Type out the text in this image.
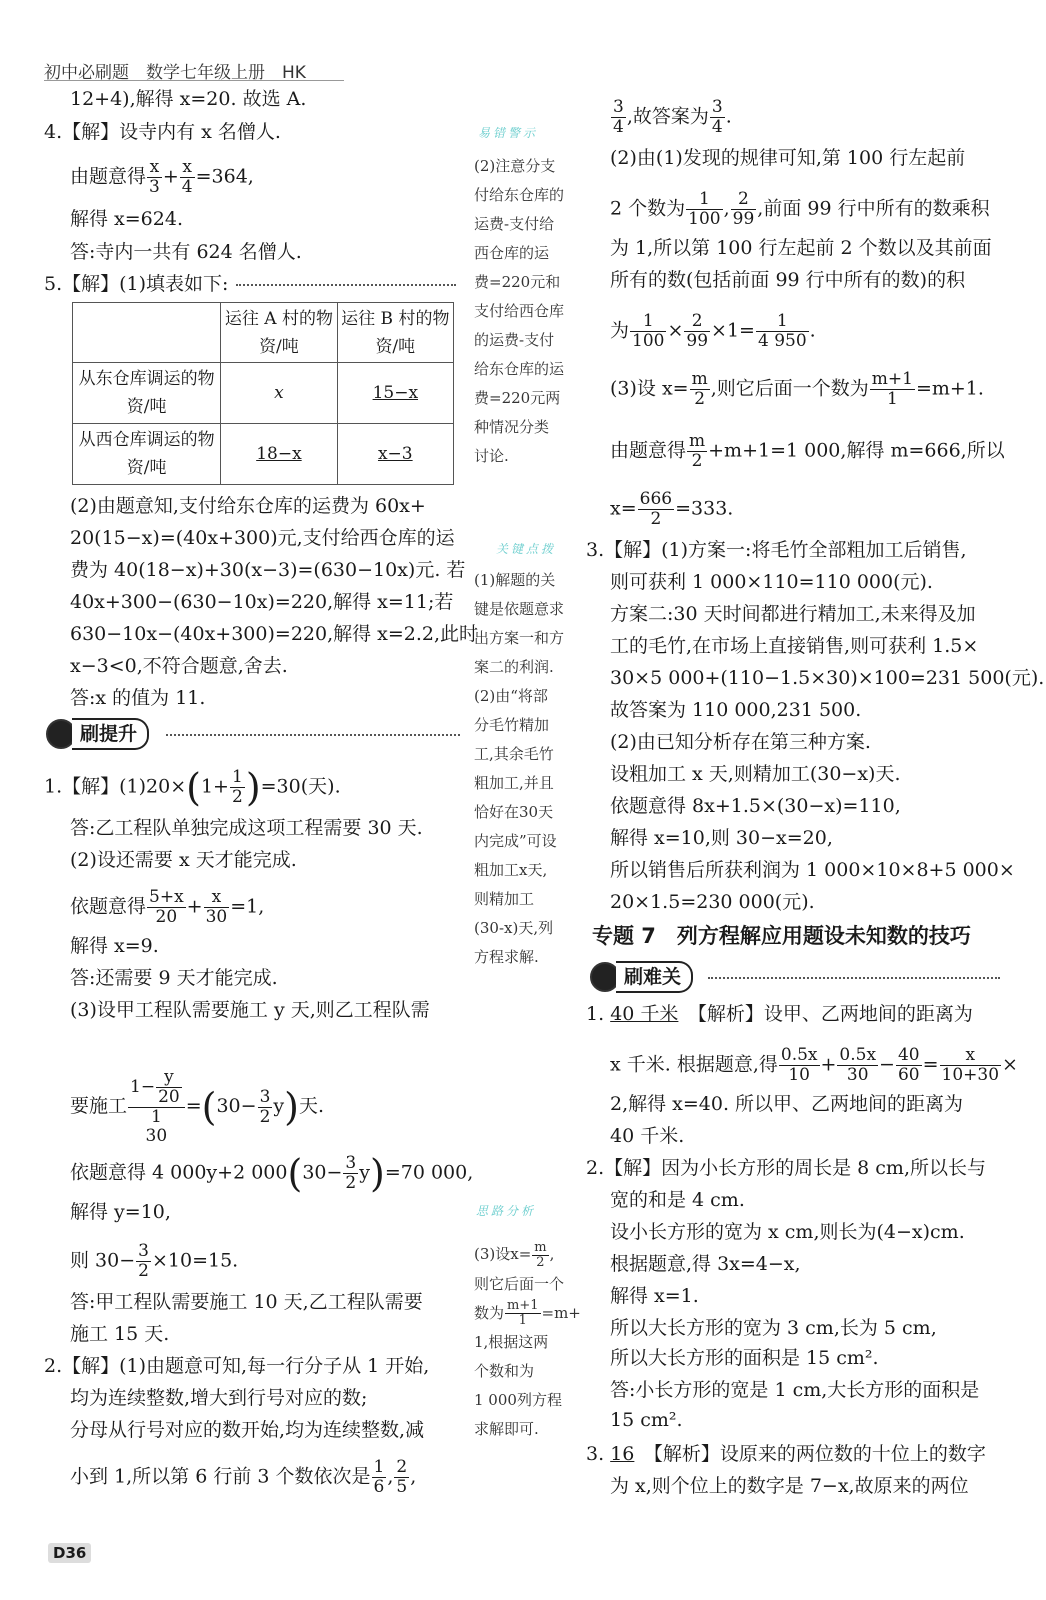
初中必刷题　 数学七年级上册　 HK
12+4),解得 x=20. 故选 A.
4.【解】设寺内有 x 名僧人.
由题意得 $\frac{x}{3} + \frac{x}{4} =364$,
解得 x=624.
答:寺内一共有 624 名僧人.
5.【解】(1)填表如下:
	运往 A 村的物资/吨	运往 B 村的物资/吨
从东仓库调运的物资/吨	x	15−x
从西仓库调运的物资/吨	18−x	x−3
(2)由题意知,支付给东仓库的运费为 60x+
20(15−x)=(40x+300)元,支付给西仓库的运
费为 40(18−x)+30(x−3)=(630−10x)元. 若
40x+300−(630−10x)=220,解得 x=11;若
630−10x−(40x+300)=220,解得 x=2.2,此时
x−3<0,不符合题意,舍去.
答:x 的值为 11.
刷提升
1.【解】$(1)20\times(1+ \frac{1}{2} )=30$(天).
答:乙工程队单独完成这项工程需要 30 天.
(2)设还需要 x 天才能完成.
依题意得 $\frac{5+x}{20} + \frac{x}{30} =1$,
解得 x=9.
答:还需要 9 天才能完成.
(3)设甲工程队需要施工 y 天,则乙工程队需
要施工
$1- \frac{y}{20}$
1
30
$=(30- \frac{3}{2} y)$天.
依题意得 4 000y+2 $000(30- \frac{3}{2} y)=70$ 000,
解得 y=10,
则 $30- \frac{3}{2} \times 10=15$.
答:甲工程队需要施工 10 天,乙工程队需要
施工 15 天.
2.【解】(1)由题意可知,每一行分子从 1 开始,
均为连续整数,增大到行号对应的数;
分母从行号对应的数开始,均为连续整数,减
小到 1,所以第 6 行前 3 个数依次是 $\frac{1}{6}$ , $\frac{2}{5}$ ,
D36
易错警示
(2)注意分支
付给东仓库的
运费-支付给
西仓库的运
费=220元和
支付给西仓库
的运费-支付
给东仓库的运
费=220元两
种情况分类
讨论.
关键点拨
(1)解题的关
键是依题意求
出方案一和方
案二的利润.
(2)由“将部
分毛竹精加
工,其余毛竹
粗加工,并且
恰好在30天
内完成”可设
粗加工x天,
则精加工
(30-x)天,列
方程求解.
思路分析
(3)设$x= \frac{m}{2}$ ,
则它后面一个
数为 $\frac{m+1}{1} =m+$
1,根据这两
个数和为
1 000列方程
求解即可.
$\frac{3}{4}$ ,故答案为 $\frac{3}{4}$ .
(2)由(1)发现的规律可知,第 100 行左起前
2 个数为 $\frac{1}{100}$ , $\frac{2}{99}$ ,前面 99 行中所有的数乘积
为 1,所以第 100 行左起前 2 个数以及其前面
所有的数(包括前面 99 行中所有的数)的积
为 $\frac{1}{100} \times \frac{2}{99} \times 1= \frac{1}{4 950}$ .
(3)设 $x= \frac{m}{2}$ ,则它后面一个数为 $\frac{m+1}{1} =m+1$.
由题意得 $\frac{m}{2} +m+1=1$ 000,解得 m=666,所以
$x= \frac{666}{2} =333$.
3.【解】(1)方案一:将毛竹全部粗加工后销售,
则可获利 1 000×110=110 000(元).
方案二:30 天时间都进行精加工,未来得及加
工的毛竹,在市场上直接销售,则可获利 1.5×
30×5 000+(110−1.5×30)×100=231 500(元).
故答案为 110 000,231 500.
(2)由已知分析存在第三种方案.
设粗加工 x 天,则精加工(30−x)天.
依题意得 8x+1.5×(30−x)=110,
解得 x=10,则 30−x=20,
所以销售后所获利润为 1 000×10×8+5 000×
20×1.5=230 000(元).
专题 7　列方程解应用题设未知数的技巧
刷难关
1. 40 千米　 【解析】设甲、乙两地间的距离为
x 千米. 根据题意,得 $\frac{0.5x}{10} + \frac{0.5x}{30} - \frac{40}{60} = \frac{x}{10+30}$ ×
2,解得 x=40. 所以甲、乙两地间的距离为
40 千米.
2.【解】因为小长方形的周长是 8 cm,所以长与
宽的和是 4 cm.
设小长方形的宽为 x cm,则长为(4−x)cm.
根据题意,得 3x=4−x,
解得 x=1.
所以大长方形的宽为 3 cm,长为 5 cm,
所以大长方形的面积是 15 cm².
答:小长方形的宽是 1 cm,大长方形的面积是
15 cm².
3. 16　 【解析】设原来的两位数的十位上的数字
为 x,则个位上的数字是 7−x,故原来的两位
